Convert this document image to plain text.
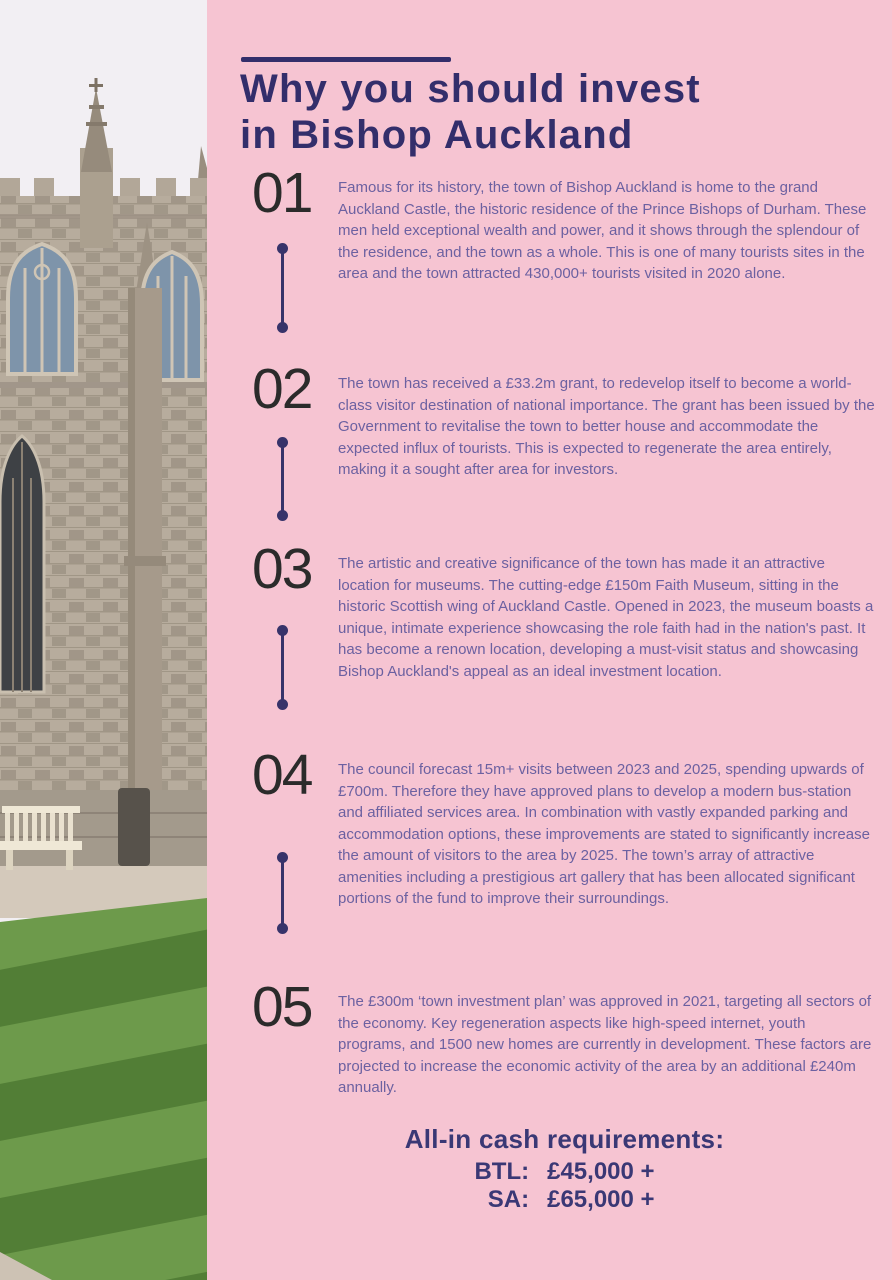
Why you should invest
in Bishop Auckland
01	Famous for its history, the town of Bishop Auckland is home to the grand Auckland Castle, the historic residence of the Prince Bishops of Durham. These men held exceptional wealth and power, and it shows through the splendour of the residence, and the town as a whole. This is one of many tourists sites in the area and the town attracted 430,000+ tourists visited in 2020 alone.
02	The town has received a £33.2m grant, to redevelop itself to become a world-class visitor destination of national importance. The grant has been issued by the Government to revitalise the town to better house and accommodate the expected influx of tourists. This is expected to regenerate the area entirely, making it a sought after area for investors.
03	The artistic and creative significance of the town has made it an attractive location for museums. The cutting-edge £150m Faith Museum, sitting in the historic Scottish wing of Auckland Castle. Opened in 2023, the museum boasts a unique, intimate experience showcasing the role faith had in the nation's past. It has become a renown location, developing a must-visit status and showcasing Bishop Auckland's appeal as an ideal investment location.
04	The council forecast 15m+ visits between 2023 and 2025, spending upwards of £700m. Therefore they have approved plans to develop a modern bus-station and affiliated services area. In combination with vastly expanded parking and accommodation options, these improvements are stated to significantly increase the amount of visitors to the area by 2025. The town’s array of attractive amenities including a prestigious art gallery that has been allocated significant portions of the fund to improve their surroundings.
05	The £300m ‘town investment plan’ was approved in 2021, targeting all sectors of the economy. Key regeneration aspects like high-speed internet, youth programs, and 1500 new homes are currently in development. These factors are projected to increase the economic activity of the area by an additional £240m annually.
All-in cash requirements:
BTL: £45,000 +
SA: £65,000 +
